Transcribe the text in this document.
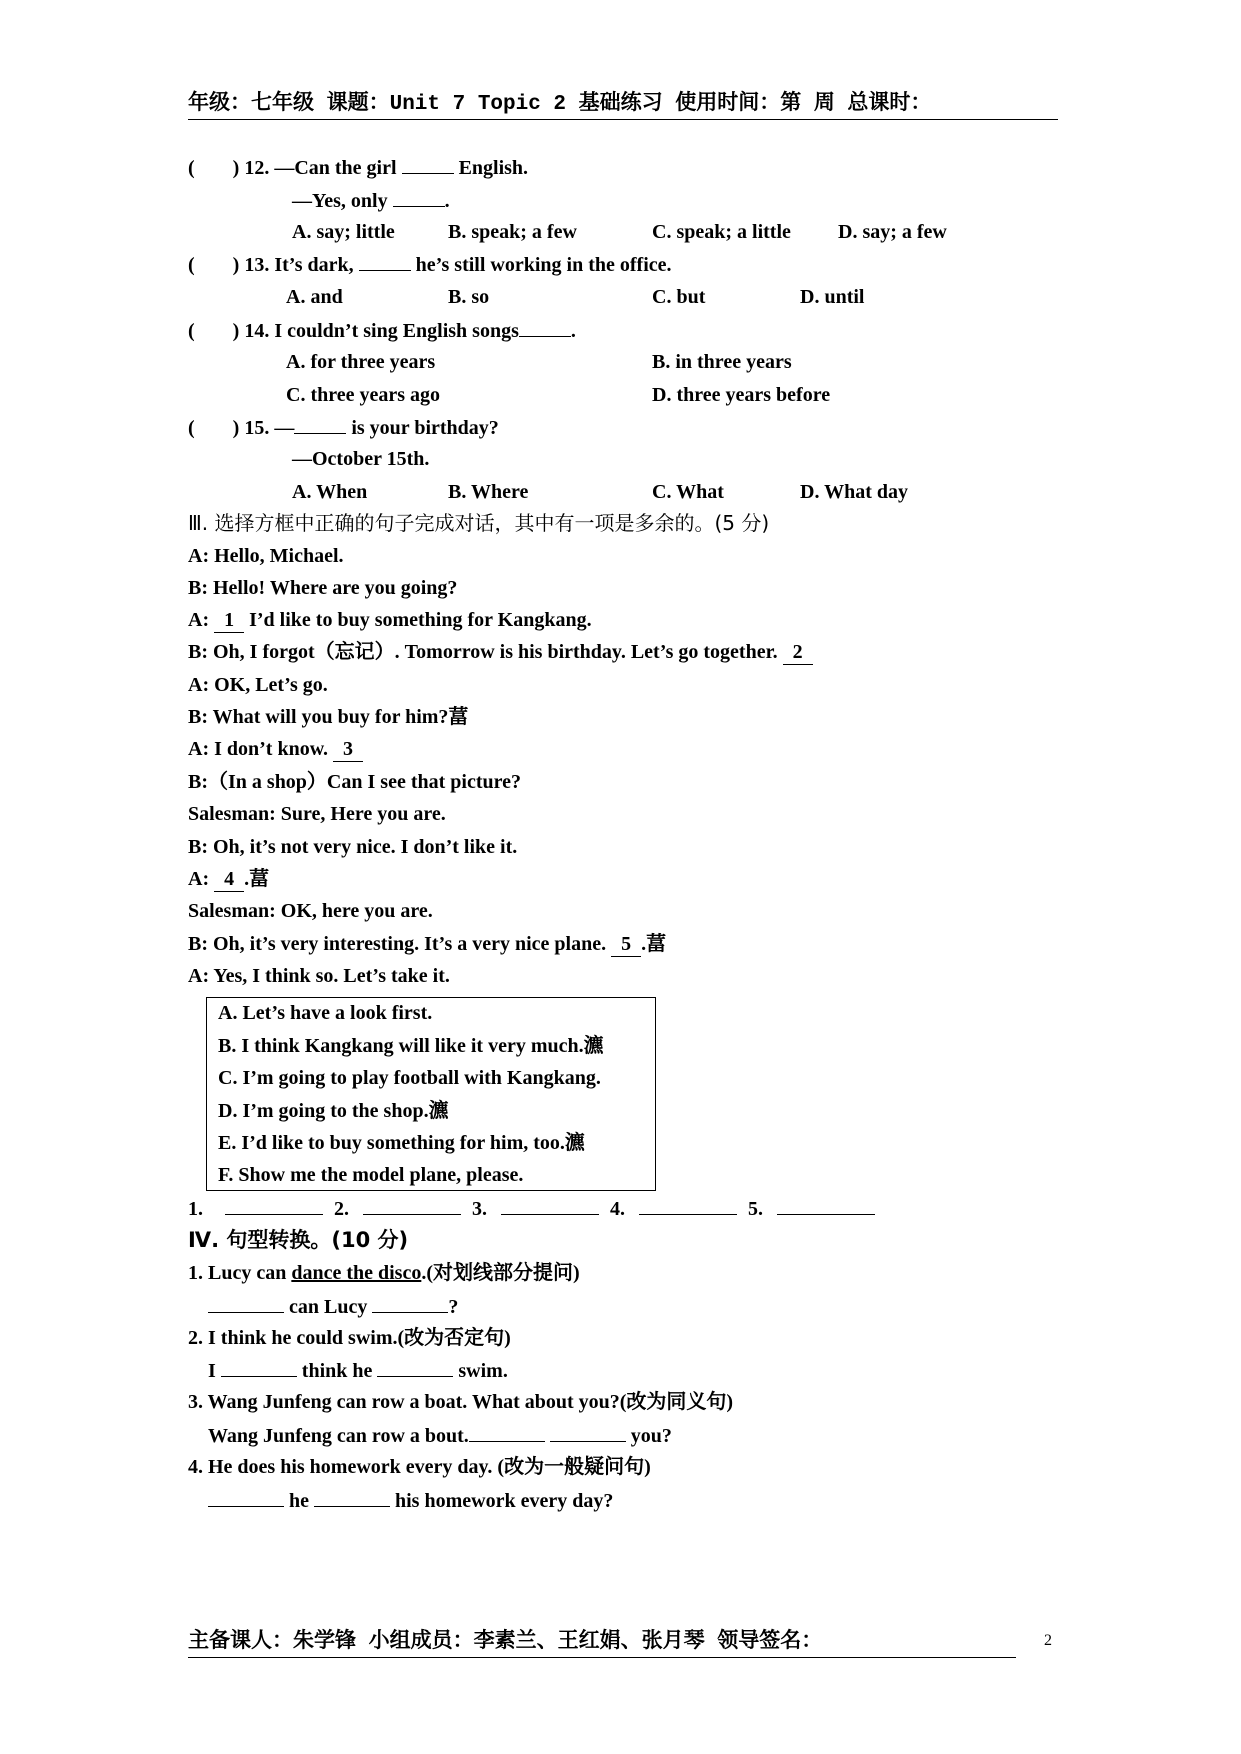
年级：七年级 课题：Unit 7 Topic 2 基础练习 使用时间：第 周 总课时：
( ) 12. —Can the girl	English.
—Yes, only	.
A. say; little	B. speak; a few	C. speak; a little D. say; a few
( ) 13. It’s dark,	he’s still working in the office.
A. and	B. so	C. but	D. until
( ) 14. I couldn’t sing English songs	.
A. for three years	B. in three years
C. three years ago	D. three years before
( ) 15. —	is your birthday?
—October 15th.
A. When	B. Where	C. What	D. What day
Ⅲ. 选择方框中正确的句子完成对话，其中有一项是多余的。(5 分)
A: Hello, Michael.
B: Hello! Where are you going?
A: 1 I’d like to buy something for Kangkang.
B: Oh, I forgot（忘记）. Tomorrow is his birthday. Let’s go together. 2
A: OK, Let’s go.
B: What will you buy for him?葍
A: I don’t know. 3
B:（In a shop）Can I see that picture?
Salesman: Sure, Here you are.
B: Oh, it’s not very nice. I don’t like it.
A: 4 .葍
Salesman: OK, here you are.
B: Oh, it’s very interesting. It’s a very nice plane. 5 .葍
A: Yes, I think so. Let’s take it.
A. Let’s have a look first.
B. I think Kangkang will like it very much.瀌
C. I’m going to play football with Kangkang.
D. I’m going to the shop.瀌
E. I’d like to buy something for him, too.瀌
F. Show me the model plane, please.
1.	2.	3.	4.	5.
Ⅳ. 句型转换。(10 分)
1. Lucy can dance the disco.(对划线部分提问)
can Lucy	?
2. I think he could swim.(改为否定句)
I	think he	swim.
3. Wang Junfeng can row a boat. What about you?(改为同义句)
Wang Junfeng can row a bout.	you?
4. He does his homework every day. (改为一般疑问句)
he	his homework every day?
主备课人：朱学锋 小组成员：李素兰、王红娟、张月琴 领导签名：	2
